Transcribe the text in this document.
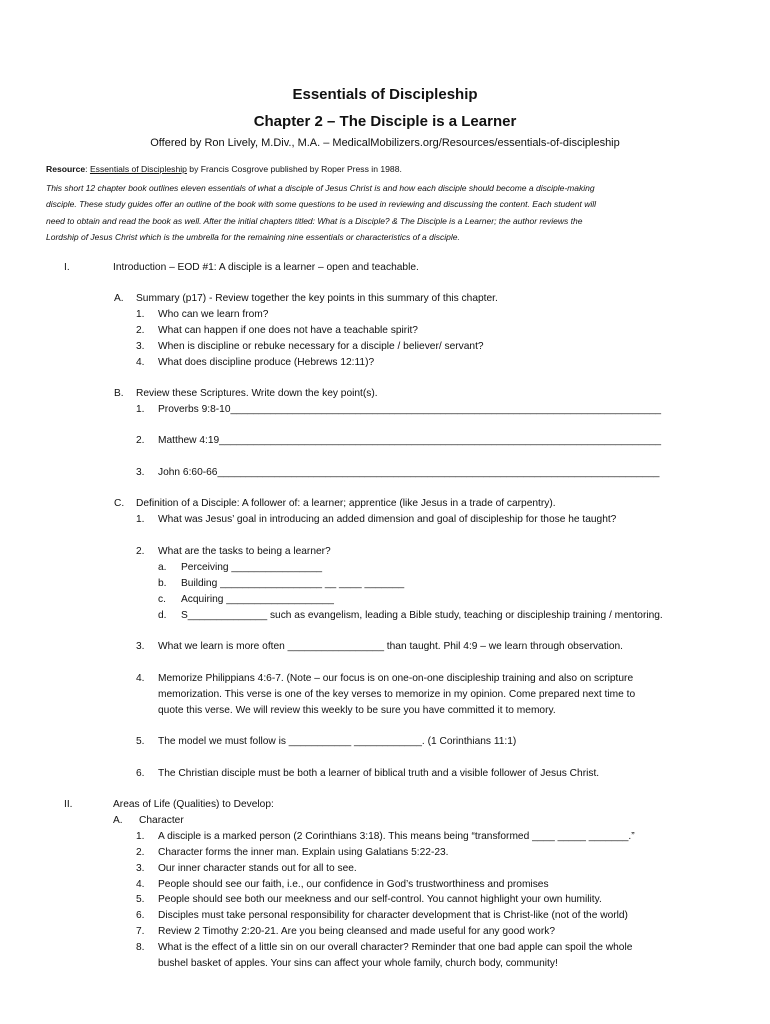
Essentials of Discipleship
Chapter 2 – The Disciple is a Learner
Offered by Ron Lively, M.Div., M.A. – MedicalMobilizers.org/Resources/essentials-of-discipleship
Resource: Essentials of Discipleship by Francis Cosgrove published by Roper Press in 1988.
This short 12 chapter book outlines eleven essentials of what a disciple of Jesus Christ is and how each disciple should become a disciple-making
disciple. These study guides offer an outline of the book with some questions to be used in reviewing and discussing the content. Each student will
need to obtain and read the book as well. After the initial chapters titled: What is a Disciple? & The Disciple is a Learner; the author reviews the
Lordship of Jesus Christ which is the umbrella for the remaining nine essentials or characteristics of a disciple.
I.	Introduction – EOD #1: A disciple is a learner – open and teachable.
A. Summary (p17) - Review together the key points in this summary of this chapter.
1. Who can we learn from?
2. What can happen if one does not have a teachable spirit?
3. When is discipline or rebuke necessary for a disciple / believer/ servant?
4. What does discipline produce (Hebrews 12:11)?
B. Review these Scriptures. Write down the key point(s).
1. Proverbs 9:8-10____________________________________________________________________________
2. Matthew 4:19______________________________________________________________________________
3. John 6:60-66______________________________________________________________________________
C. Definition of a Disciple: A follower of: a learner; apprentice (like Jesus in a trade of carpentry).
1. What was Jesus’ goal in introducing an added dimension and goal of discipleship for those he taught?
2. What are the tasks to being a learner?
a. Perceiving ________________
b. Building __________________ __ ____ _______
c. Acquiring ___________________
d. S______________ such as evangelism, leading a Bible study, teaching or discipleship training / mentoring.
3. What we learn is more often _________________ than taught. Phil 4:9 – we learn through observation.
4. Memorize Philippians 4:6-7. (Note – our focus is on one-on-one discipleship training and also on scripture
memorization. This verse is one of the key verses to memorize in my opinion. Come prepared next time to
quote this verse. We will review this weekly to be sure you have committed it to memory.
5. The model we must follow is ___________ ____________. (1 Corinthians 11:1)
6. The Christian disciple must be both a learner of biblical truth and a visible follower of Jesus Christ.
II.	Areas of Life (Qualities) to Develop:
A. Character
1. A disciple is a marked person (2 Corinthians 3:18). This means being “transformed ____ _____ _______.”
2. Character forms the inner man. Explain using Galatians 5:22-23.
3. Our inner character stands out for all to see.
4. People should see our faith, i.e., our confidence in God’s trustworthiness and promises
5. People should see both our meekness and our self-control. You cannot highlight your own humility.
6. Disciples must take personal responsibility for character development that is Christ-like (not of the world)
7. Review 2 Timothy 2:20-21. Are you being cleansed and made useful for any good work?
8. What is the effect of a little sin on our overall character? Reminder that one bad apple can spoil the whole
bushel basket of apples. Your sins can affect your whole family, church body, community!
